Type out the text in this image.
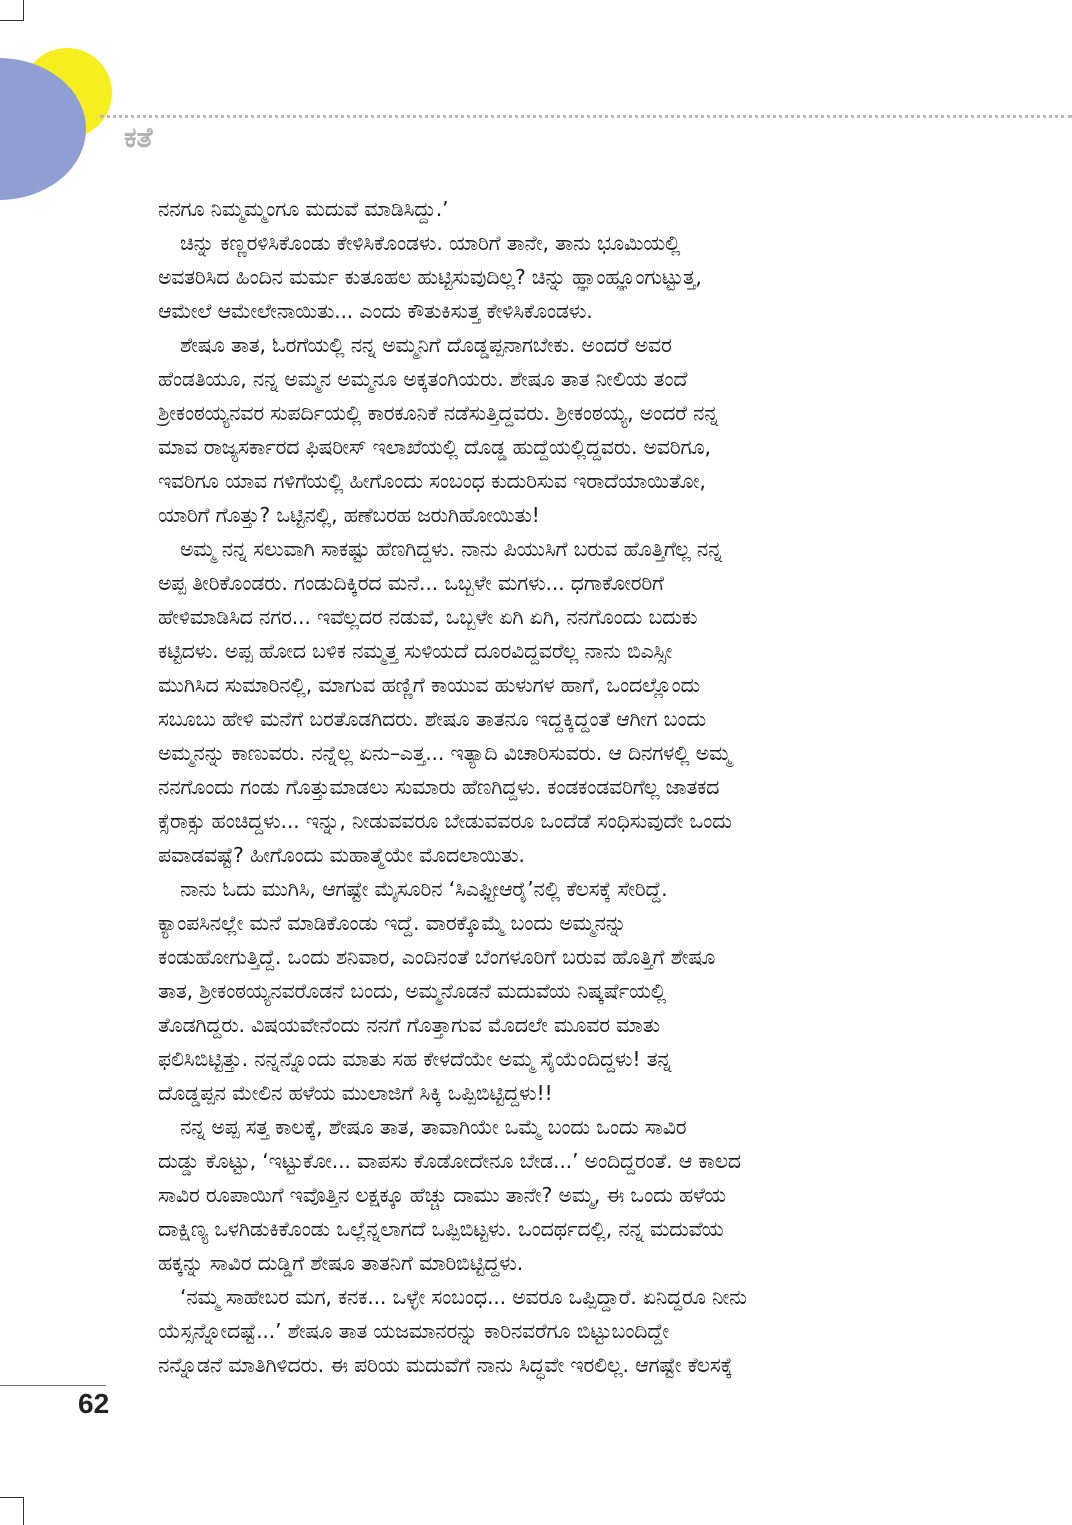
ಕತೆ

ನನಗೂ ನಿಮ್ಮಮ್ಮಂಗೂ ಮದುವೆ ಮಾಡಿಸಿದ್ದು.’

ಚಿನ್ನು ಕಣ್ಣರಳಿಸಿಕೊಂಡು ಕೇಳಿಸಿಕೊಂಡಳು. ಯಾರಿಗೆ ತಾನೇ, ತಾನು ಭೂಮಿಯಲ್ಲಿ

ಅವತರಿಸಿದ ಹಿಂದಿನ ಮರ್ಮ ಕುತೂಹಲ ಹುಟ್ಟಿಸುವುದಿಲ್ಲ? ಚಿನ್ನು ಹ್ಞಾಂಹ್ಞೂಂಗುಟ್ಟುತ್ತ,

ಆಮೇಲೆ ಆಮೇಲೇನಾಯಿತು... ಎಂದು ಕೌತುಕಿಸುತ್ತ ಕೇಳಿಸಿಕೊಂಡಳು.

ಶೇಷೂ ತಾತ, ಓರಗೆಯಲ್ಲಿ ನನ್ನ ಅಮ್ಮನಿಗೆ ದೊಡ್ಡಪ್ಪನಾಗಬೇಕು. ಅಂದರೆ ಅವರ

ಹೆಂಡತಿಯೂ, ನನ್ನ ಅಮ್ಮನ ಅಮ್ಮನೂ ಅಕ್ಕತಂಗಿಯರು. ಶೇಷೂ ತಾತ ನೀಲಿಯ ತಂದೆ

ಶ್ರೀಕಂಠಯ್ಯನವರ ಸುಪರ್ದಿಯಲ್ಲಿ ಕಾರಕೂನಿಕೆ ನಡೆಸುತ್ತಿದ್ದವರು. ಶ್ರೀಕಂಠಯ್ಯ, ಅಂದರೆ ನನ್ನ

ಮಾವ ರಾಜ್ಯಸರ್ಕಾರದ ಫಿಷರೀಸ್ ಇಲಾಖೆಯಲ್ಲಿ ದೊಡ್ಡ ಹುದ್ದೆಯಲ್ಲಿದ್ದವರು. ಅವರಿಗೂ,

ಇವರಿಗೂ ಯಾವ ಗಳಿಗೆಯಲ್ಲಿ ಹೀಗೊಂದು ಸಂಬಂಧ ಕುದುರಿಸುವ ಇರಾದೆಯಾಯಿತೋ,

ಯಾರಿಗೆ ಗೊತ್ತು? ಒಟ್ಟಿನಲ್ಲಿ, ಹಣೆಬರಹ ಜರುಗಿಹೋಯಿತು!

ಅಮ್ಮ ನನ್ನ ಸಲುವಾಗಿ ಸಾಕಷ್ಟು ಹೆಣಗಿದ್ದಳು. ನಾನು ಪಿಯುಸಿಗೆ ಬರುವ ಹೊತ್ತಿಗೆಲ್ಲ ನನ್ನ

ಅಪ್ಪ ತೀರಿಕೊಂಡರು. ಗಂಡುದಿಕ್ಕಿರದ ಮನೆ... ಒಬ್ಬಳೇ ಮಗಳು... ಧಗಾಕೋರರಿಗೆ

ಹೇಳಿಮಾಡಿಸಿದ ನಗರ... ಇವೆಲ್ಲದರ ನಡುವೆ, ಒಬ್ಬಳೇ ಏಗಿ ಏಗಿ, ನನಗೊಂದು ಬದುಕು

ಕಟ್ಟಿದಳು. ಅಪ್ಪ ಹೋದ ಬಳಿಕ ನಮ್ಮತ್ತ ಸುಳಿಯದೆ ದೂರವಿದ್ದವರೆಲ್ಲ ನಾನು ಬಿಎಸ್ಸೀ

ಮುಗಿಸಿದ ಸುಮಾರಿನಲ್ಲಿ, ಮಾಗುವ ಹಣ್ಣಿಗೆ ಕಾಯುವ ಹುಳುಗಳ ಹಾಗೆ, ಒಂದಲ್ಲೊಂದು

ಸಬೂಬು ಹೇಳಿ ಮನೆಗೆ ಬರತೊಡಗಿದರು. ಶೇಷೂ ತಾತನೂ ಇದ್ದಕ್ಕಿದ್ದಂತೆ ಆಗೀಗ ಬಂದು

ಅಮ್ಮನನ್ನು ಕಾಣುವರು. ನನ್ನೆಲ್ಲ ಏನು–ಎತ್ತ... ಇತ್ಯಾದಿ ವಿಚಾರಿಸುವರು. ಆ ದಿನಗಳಲ್ಲಿ ಅಮ್ಮ

ನನಗೊಂದು ಗಂಡು ಗೊತ್ತುಮಾಡಲು ಸುಮಾರು ಹೆಣಗಿದ್ದಳು. ಕಂಡಕಂಡವರಿಗೆಲ್ಲ ಜಾತಕದ

ಕ್ಸೆರಾಕ್ಸು ಹಂಚಿದ್ದಳು... ಇನ್ನು, ನೀಡುವವರೂ ಬೇಡುವವರೂ ಒಂದೆಡೆ ಸಂಧಿಸುವುದೇ ಒಂದು

ಪವಾಡವಷ್ಟೆ? ಹೀಗೊಂದು ಮಹಾತ್ಮೆಯೇ ಮೊದಲಾಯಿತು.

ನಾನು ಓದು ಮುಗಿಸಿ, ಆಗಷ್ಟೇ ಮೈಸೂರಿನ ‘ಸಿಎಫ್ಟೀಆರೈ’ನಲ್ಲಿ ಕೆಲಸಕ್ಕೆ ಸೇರಿದ್ದೆ.

ಕ್ಯಾಂಪಸಿನಲ್ಲೇ ಮನೆ ಮಾಡಿಕೊಂಡು ಇದ್ದೆ. ವಾರಕ್ಕೊಮ್ಮೆ ಬಂದು ಅಮ್ಮನನ್ನು

ಕಂಡುಹೋಗುತ್ತಿದ್ದೆ. ಒಂದು ಶನಿವಾರ, ಎಂದಿನಂತೆ ಬೆಂಗಳೂರಿಗೆ ಬರುವ ಹೊತ್ತಿಗೆ ಶೇಷೂ

ತಾತ, ಶ್ರೀಕಂಠಯ್ಯನವರೊಡನೆ ಬಂದು, ಅಮ್ಮನೊಡನೆ ಮದುವೆಯ ನಿಷ್ಕರ್ಷೆಯಲ್ಲಿ

ತೊಡಗಿದ್ದರು. ವಿಷಯವೇನೆಂದು ನನಗೆ ಗೊತ್ತಾಗುವ ಮೊದಲೇ ಮೂವರ ಮಾತು

ಫಲಿಸಿಬಿಟ್ಟಿತ್ತು. ನನ್ನನ್ನೊಂದು ಮಾತು ಸಹ ಕೇಳದೆಯೇ ಅಮ್ಮ ಸೈಯೆಂದಿದ್ದಳು! ತನ್ನ

ದೊಡ್ಡಪ್ಪನ ಮೇಲಿನ ಹಳೆಯ ಮುಲಾಜಿಗೆ ಸಿಕ್ಕಿ ಒಪ್ಪಿಬಿಟ್ಟಿದ್ದಳು!!

ನನ್ನ ಅಪ್ಪ ಸತ್ತ ಕಾಲಕ್ಕೆ, ಶೇಷೂ ತಾತ, ತಾವಾಗಿಯೇ ಒಮ್ಮೆ ಬಂದು ಒಂದು ಸಾವಿರ

ದುಡ್ಡು ಕೊಟ್ಟು, ‘ಇಟ್ಟುಕೋ... ವಾಪಸು ಕೊಡೋದೇನೂ ಬೇಡ...’ ಅಂದಿದ್ದರಂತೆ. ಆ ಕಾಲದ

ಸಾವಿರ ರೂಪಾಯಿಗೆ ಇವೊತ್ತಿನ ಲಕ್ಷಕ್ಕೂ ಹೆಚ್ಚು ದಾಮು ತಾನೇ? ಅಮ್ಮ, ಈ ಒಂದು ಹಳೆಯ

ದಾಕ್ಷಿಣ್ಯ ಒಳಗಿಡುಕಿಕೊಂಡು ಒಲ್ಲೆನ್ನಲಾಗದೆ ಒಪ್ಪಿಬಿಟ್ಟಳು. ಒಂದರ್ಥದಲ್ಲಿ, ನನ್ನ ಮದುವೆಯ

ಹಕ್ಕನ್ನು ಸಾವಿರ ದುಡ್ಡಿಗೆ ಶೇಷೂ ತಾತನಿಗೆ ಮಾರಿಬಿಟ್ಟಿದ್ದಳು.

‘ನಮ್ಮ ಸಾಹೇಬರ ಮಗ, ಕನಕ... ಒಳ್ಳೇ ಸಂಬಂಧ... ಅವರೂ ಒಪ್ಪಿದ್ದಾರೆ. ಏನಿದ್ದರೂ ನೀನು

ಯೆಸ್ಸನ್ನೋದಷ್ಟೆ...’ ಶೇಷೂ ತಾತ ಯಜಮಾನರನ್ನು ಕಾರಿನವರೆಗೂ ಬಿಟ್ಟುಬಂದಿದ್ದೇ

ನನ್ನೊಡನೆ ಮಾತಿಗಿಳಿದರು. ಈ ಪರಿಯ ಮದುವೆಗೆ ನಾನು ಸಿದ್ಧವೇ ಇರಲಿಲ್ಲ. ಆಗಷ್ಟೇ ಕೆಲಸಕ್ಕೆ

62
